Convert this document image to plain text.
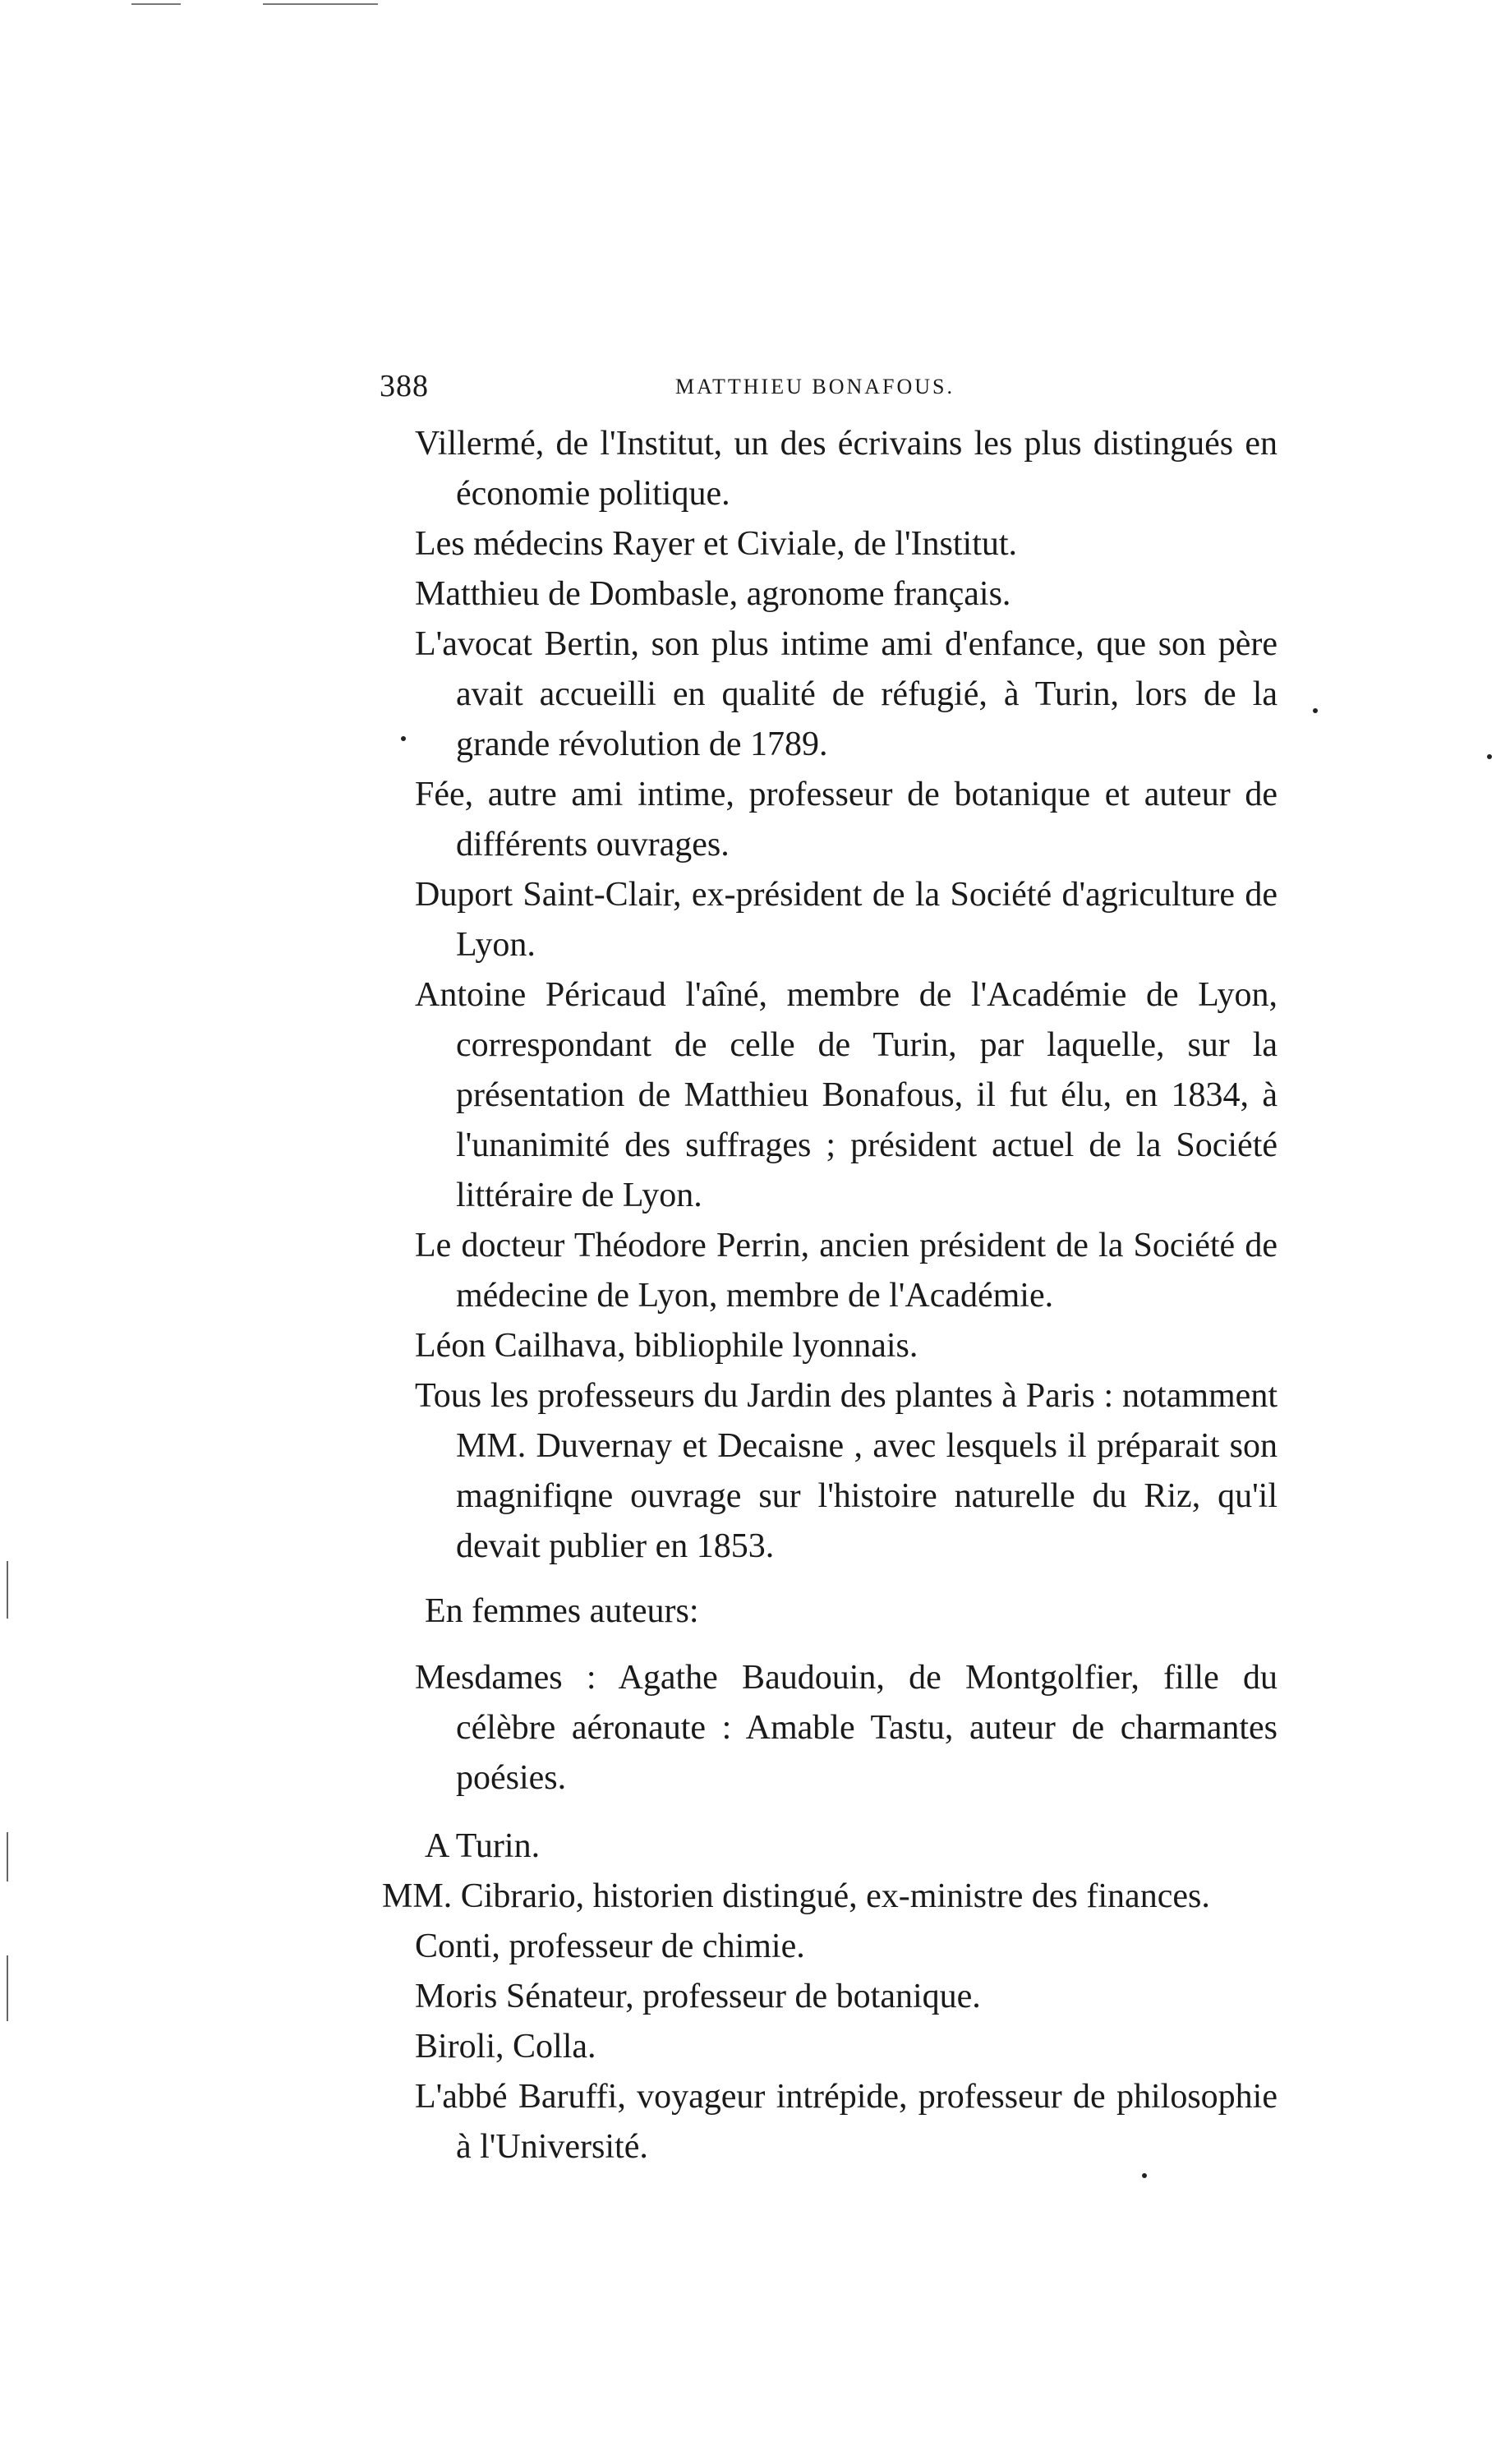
388	MATTHIEU BONAFOUS.

Villermé, de l'Institut, un des écrivains les plus distingués en économie politique.

Les médecins Rayer et Civiale, de l'Institut.

Matthieu de Dombasle, agronome français.

L'avocat Bertin, son plus intime ami d'enfance, que son père avait accueilli en qualité de réfugié, à Turin, lors de la grande révolution de 1789.

Fée, autre ami intime, professeur de botanique et auteur de différents ouvrages.

Duport Saint-Clair, ex-président de la Société d'agriculture de Lyon.

Antoine Péricaud l'aîné, membre de l'Académie de Lyon, correspondant de celle de Turin, par laquelle, sur la présentation de Matthieu Bonafous, il fut élu, en 1834, à l'unanimité des suffrages ; président actuel de la Société littéraire de Lyon.

Le docteur Théodore Perrin, ancien président de la Société de médecine de Lyon, membre de l'Académie.

Léon Cailhava, bibliophile lyonnais.

Tous les professeurs du Jardin des plantes à Paris : notamment MM. Duvernay et Decaisne , avec lesquels il préparait son magnifiqne ouvrage sur l'histoire naturelle du Riz, qu'il devait publier en 1853.

En femmes auteurs:

Mesdames : Agathe Baudouin, de Montgolfier, fille du célèbre aéronaute : Amable Tastu, auteur de charmantes poésies.

A Turin.

MM. Cibrario, historien distingué, ex-ministre des finances.

Conti, professeur de chimie.

Moris Sénateur, professeur de botanique.

Biroli, Colla.

L'abbé Baruffi, voyageur intrépide, professeur de philosophie à l'Université.
